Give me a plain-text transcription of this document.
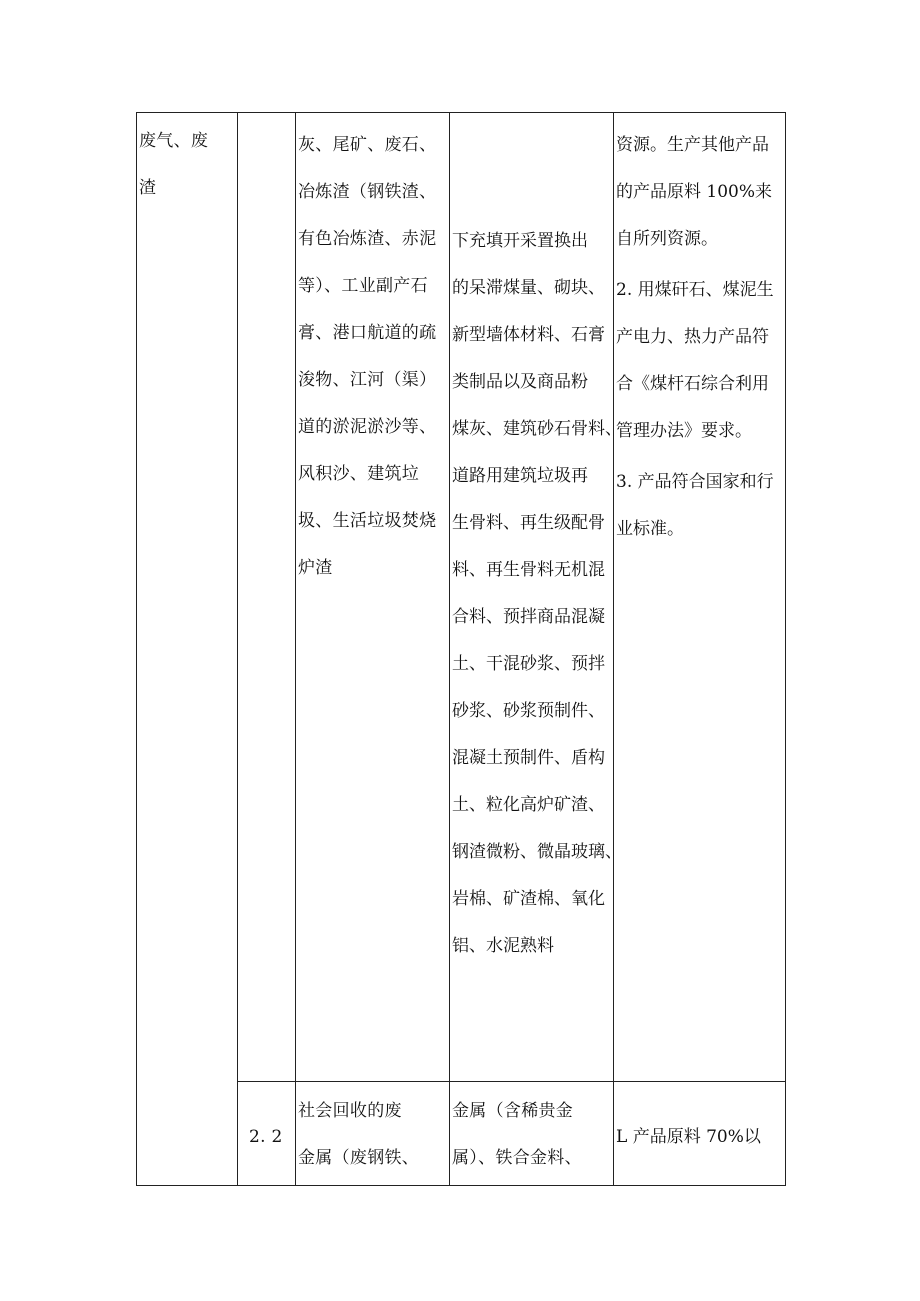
废气、废
渣
灰、尾矿、废石、
冶炼渣（钢铁渣、
有色冶炼渣、赤泥
等）、工业副产石
膏、港口航道的疏
浚物、江河（渠）
道的淤泥淤沙等、
风积沙、建筑垃
圾、生活垃圾焚烧
炉渣
下充填开采置换出
的呆滞煤量、砌块、
新型墙体材料、石膏
类制品以及商品粉
煤灰、建筑砂石骨料、
道路用建筑垃圾再
生骨料、再生级配骨
料、再生骨料无机混
合料、预拌商品混凝
土、干混砂浆、预拌
砂浆、砂浆预制件、
混凝土预制件、盾构
土、粒化高炉矿渣、
钢渣微粉、微晶玻璃、
岩棉、矿渣棉、氧化
铝、水泥熟料
资源。生产其他产品
的产品原料 100%来
自所列资源。
2. 用煤矸石、煤泥生
产电力、热力产品符
合《煤杆石综合利用
管理办法》要求。
3. 产品符合国家和行
业标准。
2. 2
社会回收的废
金属（废钢铁、
金属（含稀贵金
属）、铁合金料、
L 产品原料 70%以
